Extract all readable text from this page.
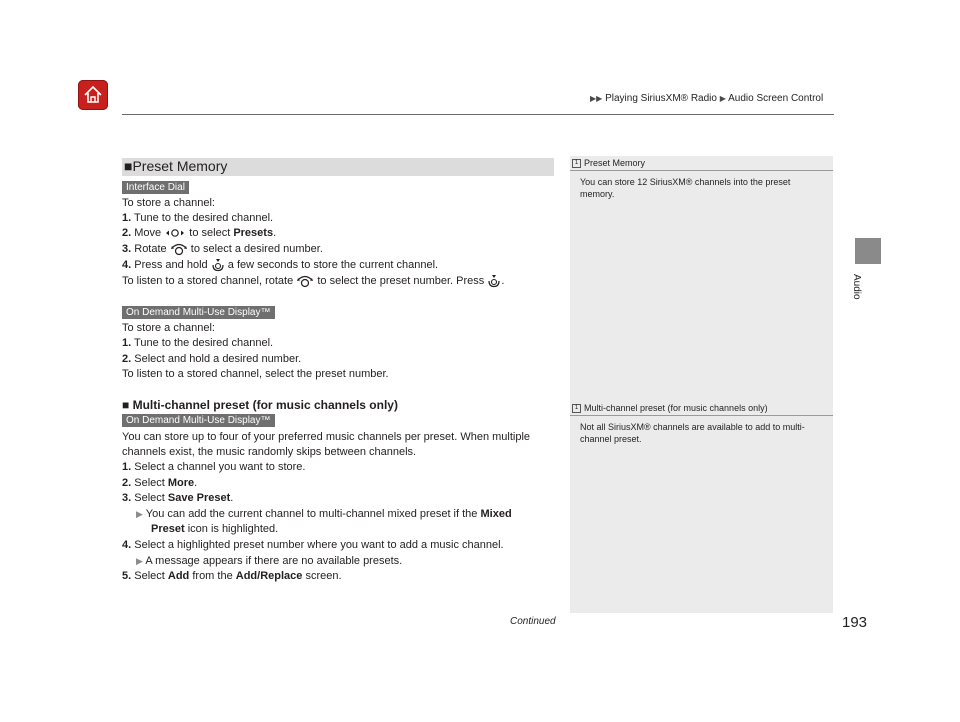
▶▶ Playing SiriusXM® Radio ▶ Audio Screen Control
Audio
■Preset Memory
Interface Dial
To store a channel:
1. Tune to the desired channel.
2. Move	to select Presets.
3. Rotate to select a desired number.
4. Press and hold a few seconds to store the current channel.
To listen to a stored channel, rotate to select the preset number. Press .
On Demand Multi-Use Display™
To store a channel:
1. Tune to the desired channel.
2. Select and hold a desired number.
To listen to a stored channel, select the preset number.
■ Multi-channel preset (for music channels only)
On Demand Multi-Use Display™
You can store up to four of your preferred music channels per preset. When multiple
channels exist, the music randomly skips between channels.
1. Select a channel you want to store.
2. Select More.
3. Select Save Preset.
▶ You can add the current channel to multi-channel mixed preset if the Mixed
Preset icon is highlighted.
4. Select a highlighted preset number where you want to add a music channel.
▶ A message appears if there are no available presets.
5. Select Add from the Add/Replace screen.
1 Preset Memory
You can store 12 SiriusXM® channels into the preset memory.
1 Multi-channel preset (for music channels only)
Not all SiriusXM® channels are available to add to multi-channel preset.
Continued	193
